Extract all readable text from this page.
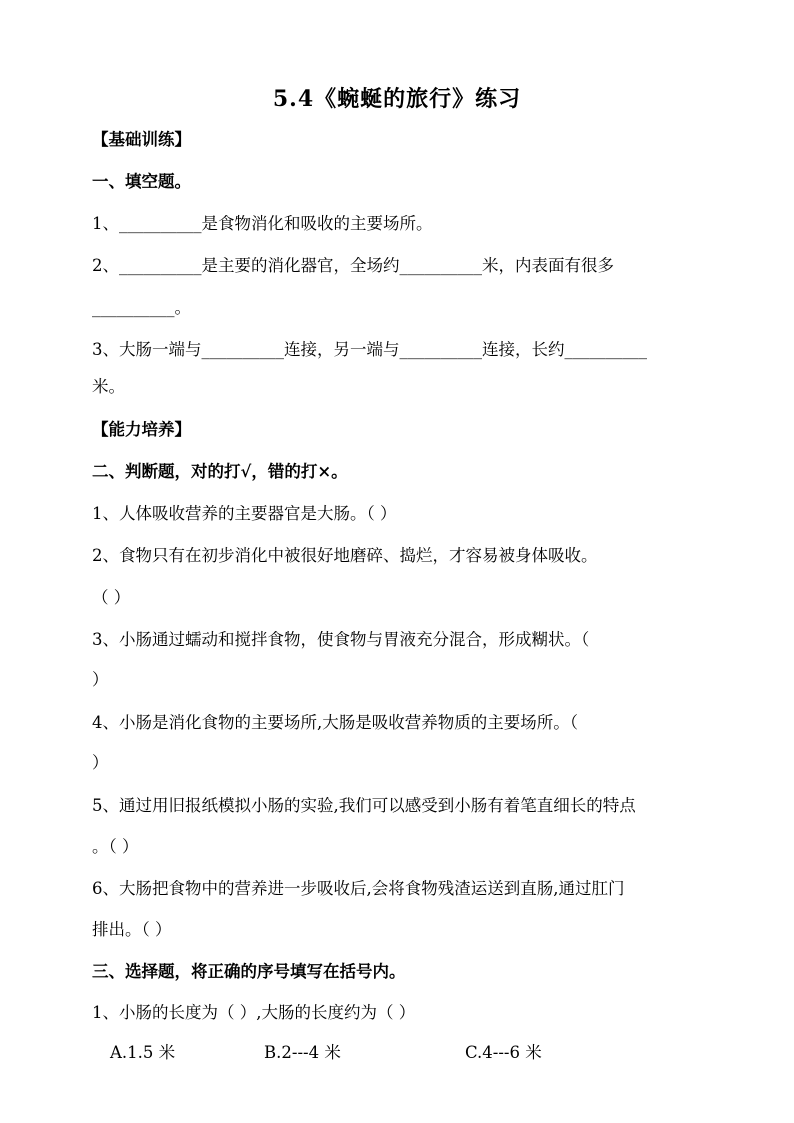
5.4《蜿蜒的旅行》练习
【基础训练】
一、填空题。
1、__________是食物消化和吸收的主要场所。
2、__________是主要的消化器官，全场约__________米，内表面有很多
__________。
3、大肠一端与__________连接，另一端与__________连接，长约__________
米。
【能力培养】
二、判断题，对的打√，错的打×。
1、人体吸收营养的主要器官是大肠。（ ）
2、食物只有在初步消化中被很好地磨碎、捣烂，才容易被身体吸收。
（ ）
3、小肠通过蠕动和搅拌食物，使食物与胃液充分混合，形成糊状。（
）
4、小肠是消化食物的主要场所,大肠是吸收营养物质的主要场所。（
）
5、通过用旧报纸模拟小肠的实验,我们可以感受到小肠有着笔直细长的特点
。（ ）
6、大肠把食物中的营养进一步吸收后,会将食物残渣运送到直肠,通过肛门
排出。（ ）
三、选择题，将正确的序号填写在括号内。
1、小肠的长度为（ ）,大肠的长度约为（ ）
A.1.5 米	B.2---4 米	C.4---6 米
